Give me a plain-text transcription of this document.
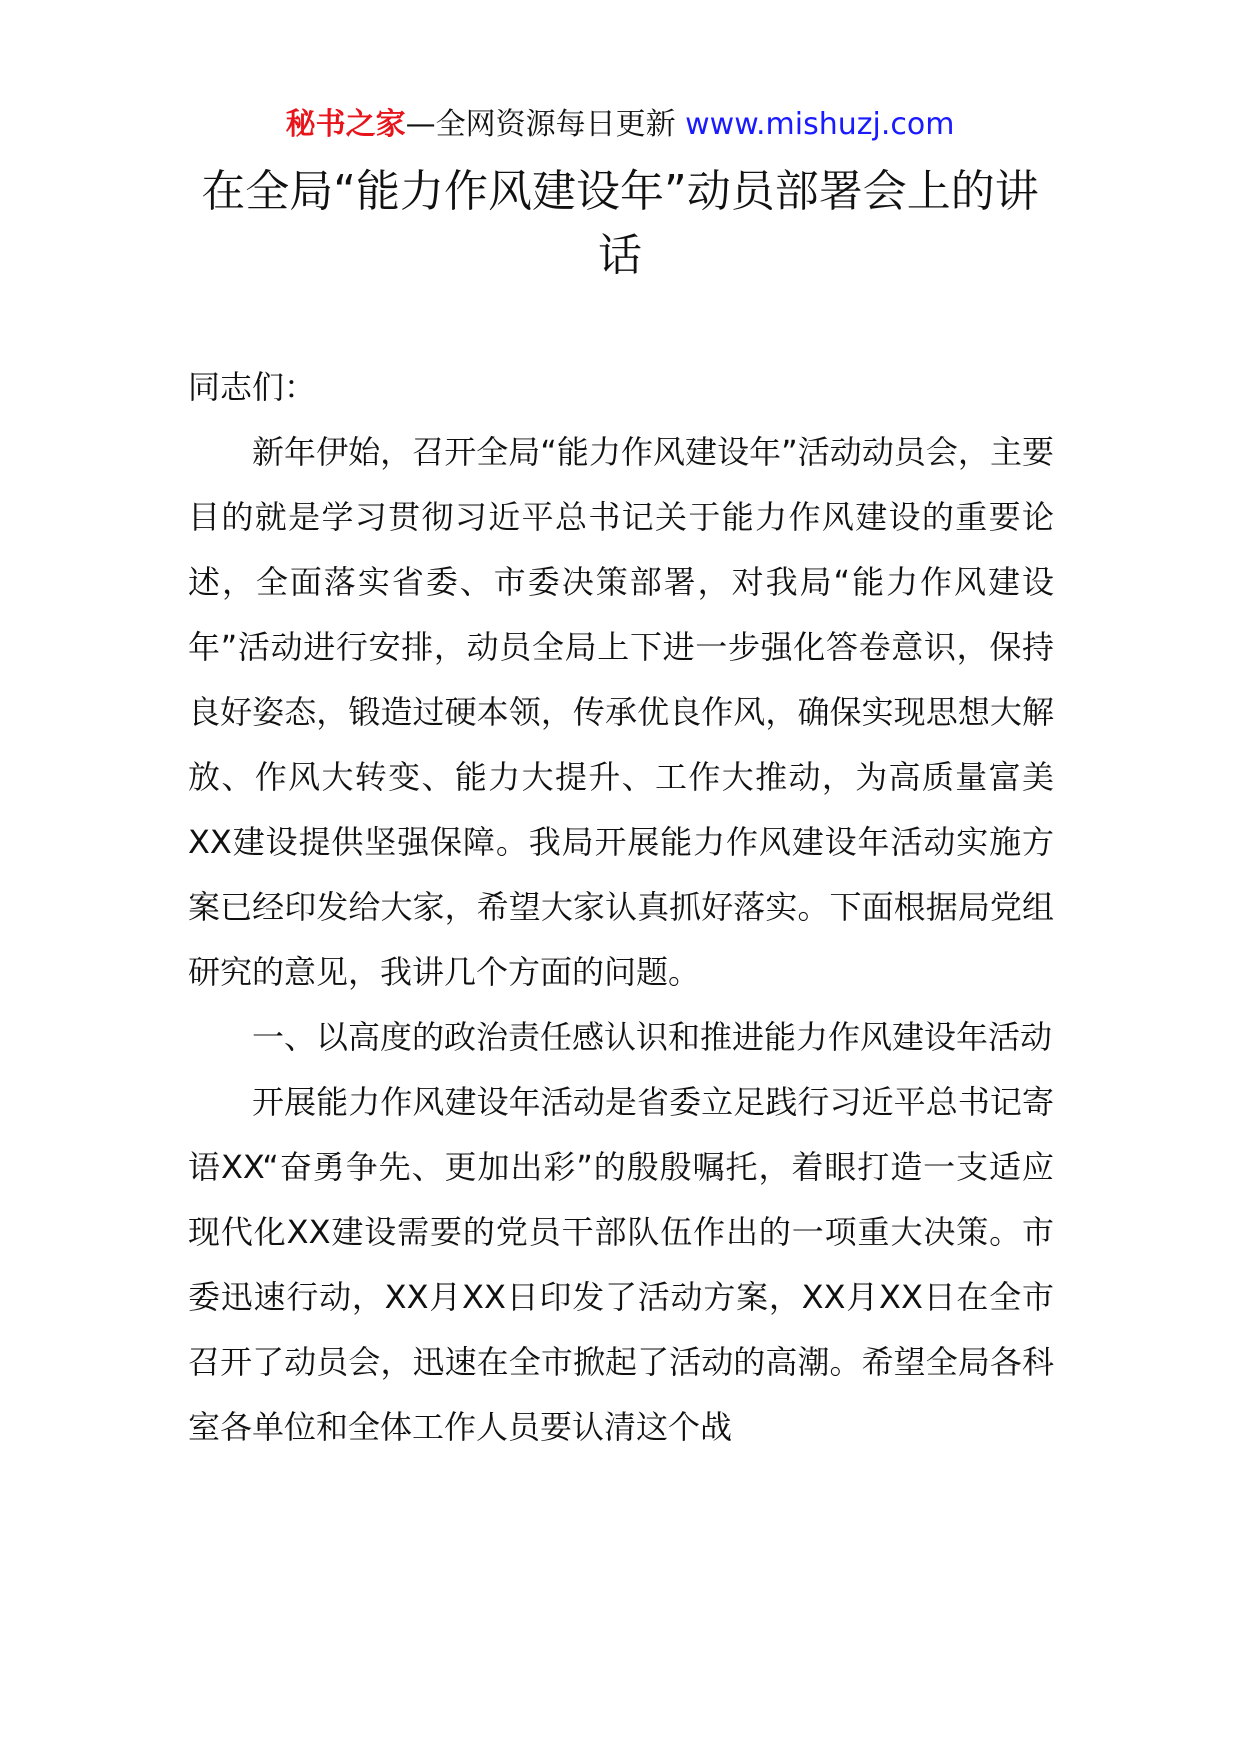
秘书之家—全网资源每日更新 www.mishuzj.com
在全局“能力作风建设年”动员部署会上的讲话

同志们：

新年伊始，召开全局“能力作风建设年”活动动员会，主要目的就是学习贯彻习近平总书记关于能力作风建设的重要论述，全面落实省委、市委决策部署，对我局“能力作风建设年”活动进行安排，动员全局上下进一步强化答卷意识，保持良好姿态，锻造过硬本领，传承优良作风，确保实现思想大解放、作风大转变、能力大提升、工作大推动，为高质量富美XX建设提供坚强保障。我局开展能力作风建设年活动实施方案已经印发给大家，希望大家认真抓好落实。下面根据局党组研究的意见，我讲几个方面的问题。

一、以高度的政治责任感认识和推进能力作风建设年活动

开展能力作风建设年活动是省委立足践行习近平总书记寄语XX“奋勇争先、更加出彩”的殷殷嘱托，着眼打造一支适应现代化XX建设需要的党员干部队伍作出的一项重大决策。市委迅速行动，XX月XX日印发了活动方案，XX月XX日在全市召开了动员会，迅速在全市掀起了活动的高潮。希望全局各科室各单位和全体工作人员要认清这个战
